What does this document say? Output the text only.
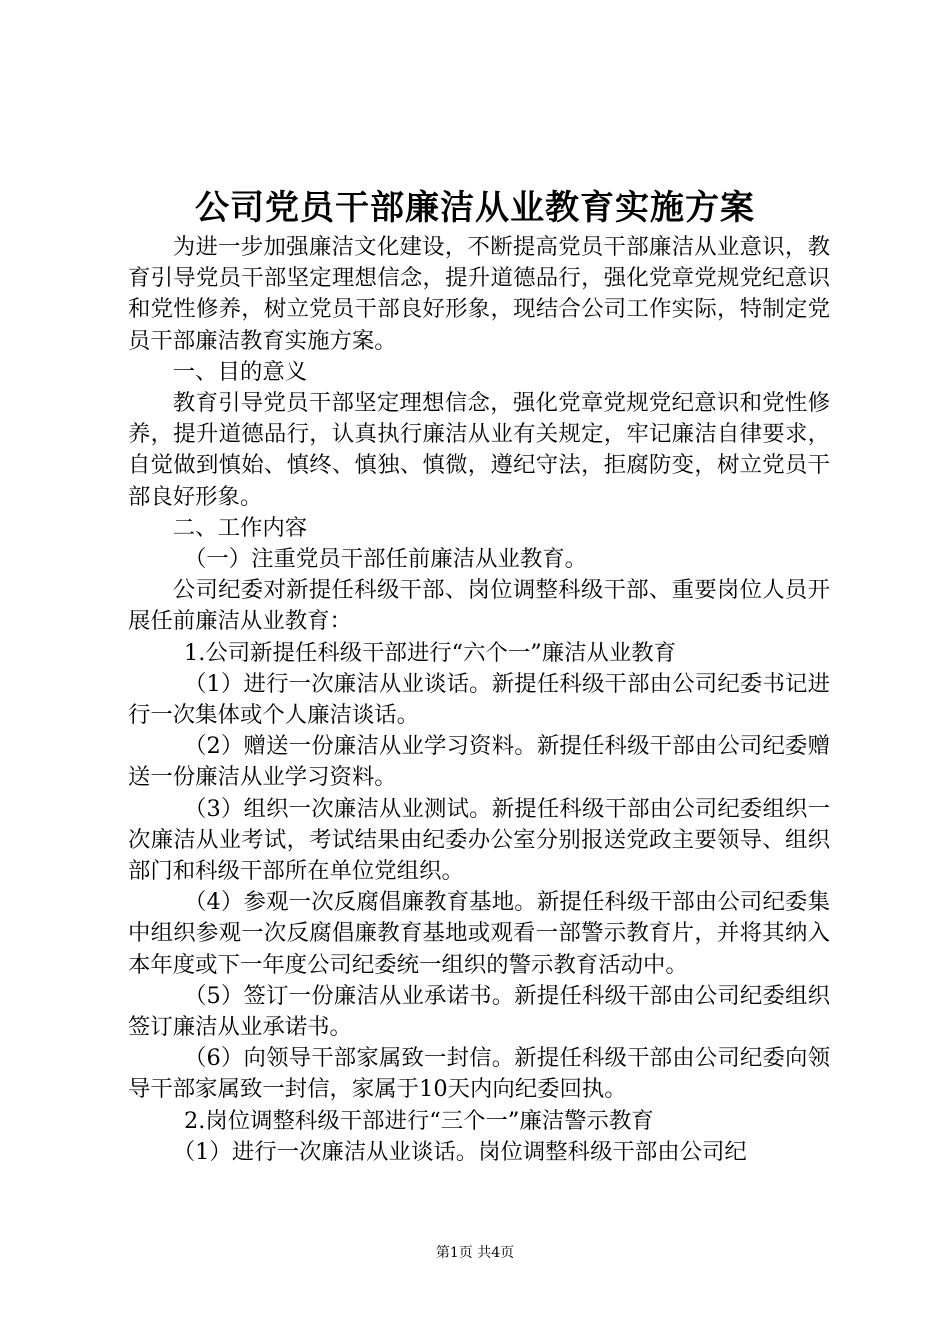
公司党员干部廉洁从业教育实施方案

为进一步加强廉洁文化建设，不断提高党员干部廉洁从业意识，教育引导党员干部坚定理想信念，提升道德品行，强化党章党规党纪意识和党性修养，树立党员干部良好形象，现结合公司工作实际，特制定党员干部廉洁教育实施方案。

一、目的意义

教育引导党员干部坚定理想信念，强化党章党规党纪意识和党性修养，提升道德品行，认真执行廉洁从业有关规定，牢记廉洁自律要求，自觉做到慎始、慎终、慎独、慎微，遵纪守法，拒腐防变，树立党员干部良好形象。

二、工作内容

（一）注重党员干部任前廉洁从业教育。

公司纪委对新提任科级干部、岗位调整科级干部、重要岗位人员开展任前廉洁从业教育：

1.公司新提任科级干部进行“六个一”廉洁从业教育

（1）进行一次廉洁从业谈话。新提任科级干部由公司纪委书记进行一次集体或个人廉洁谈话。

（2）赠送一份廉洁从业学习资料。新提任科级干部由公司纪委赠送一份廉洁从业学习资料。

（3）组织一次廉洁从业测试。新提任科级干部由公司纪委组织一次廉洁从业考试，考试结果由纪委办公室分别报送党政主要领导、组织部门和科级干部所在单位党组织。

（4）参观一次反腐倡廉教育基地。新提任科级干部由公司纪委集中组织参观一次反腐倡廉教育基地或观看一部警示教育片，并将其纳入本年度或下一年度公司纪委统一组织的警示教育活动中。

（5）签订一份廉洁从业承诺书。新提任科级干部由公司纪委组织签订廉洁从业承诺书。

（6）向领导干部家属致一封信。新提任科级干部由公司纪委向领导干部家属致一封信，家属于10天内向纪委回执。

2.岗位调整科级干部进行“三个一”廉洁警示教育

（1）进行一次廉洁从业谈话。岗位调整科级干部由公司纪

第1页 共4页
